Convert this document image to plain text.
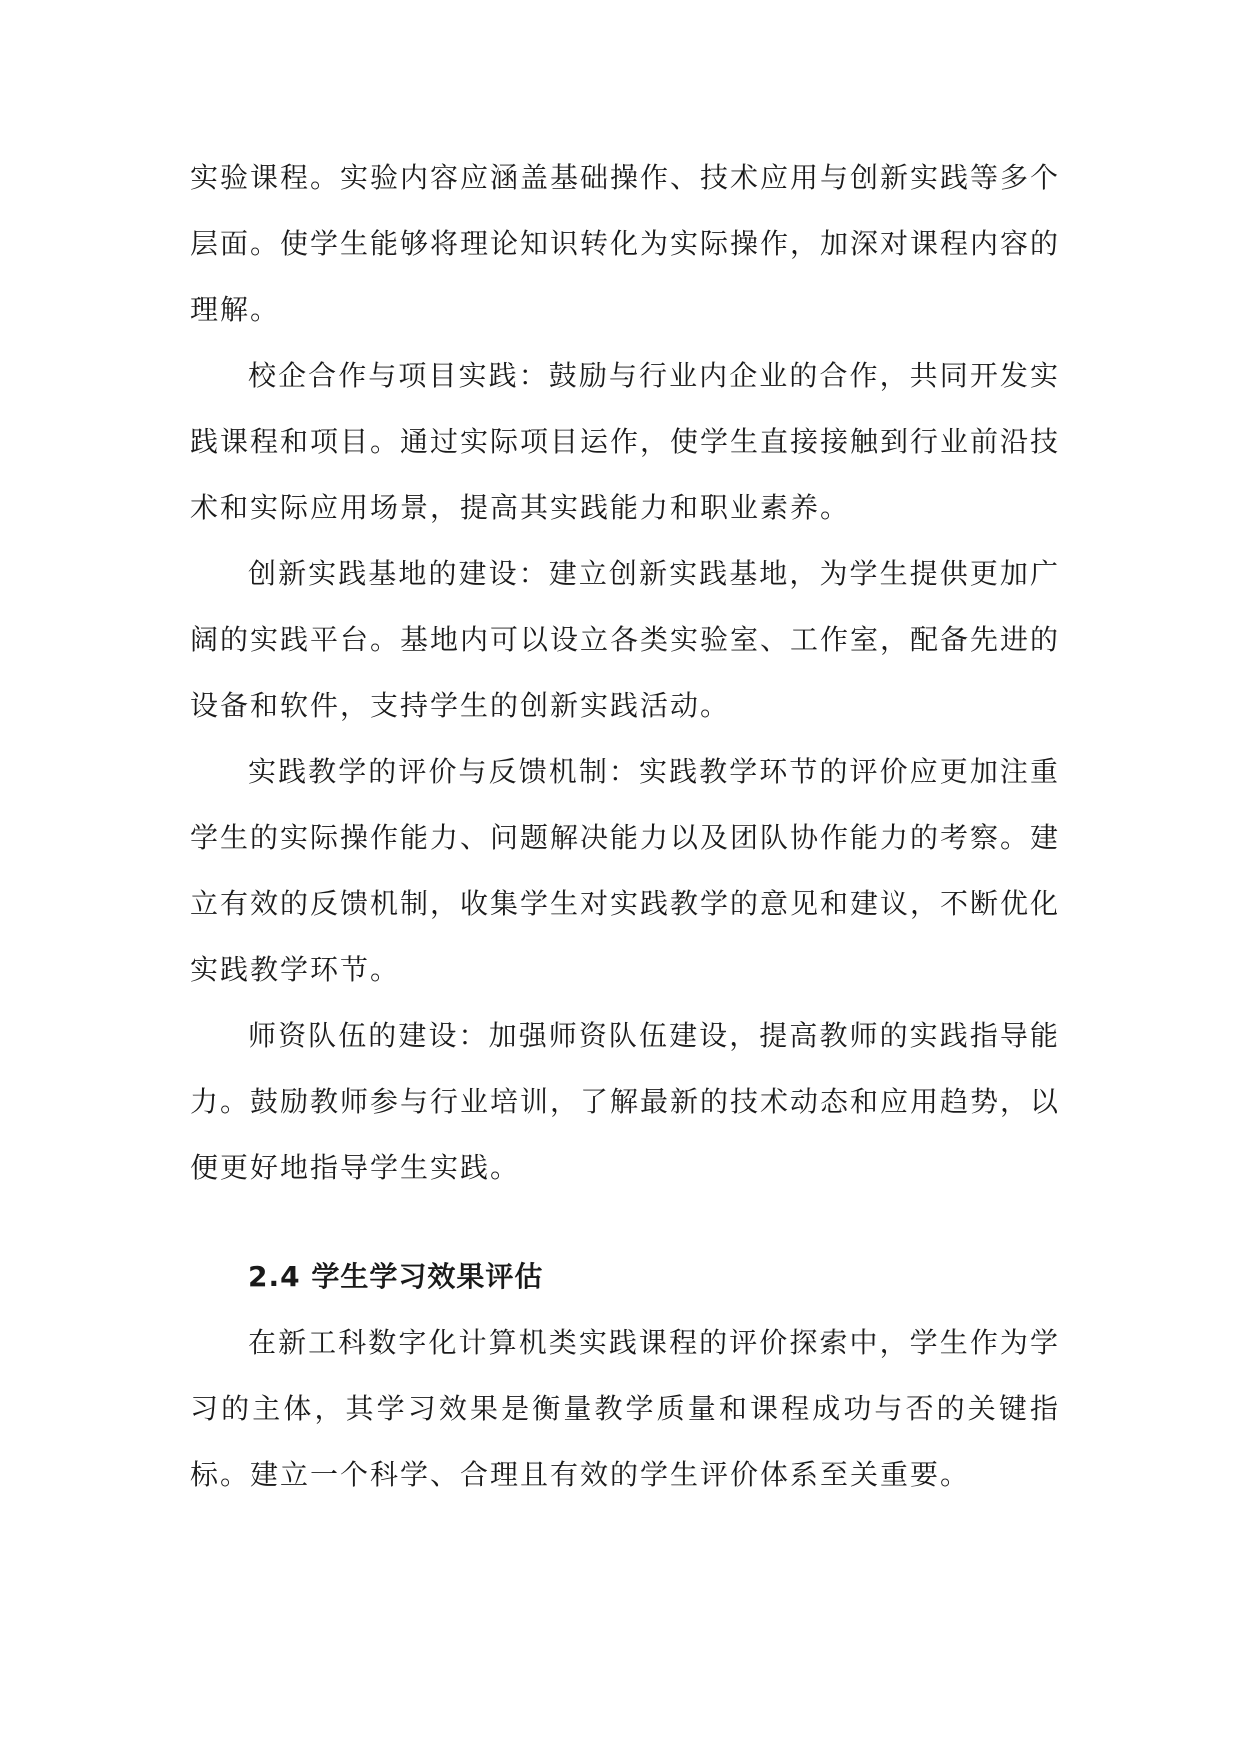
实验课程。实验内容应涵盖基础操作、技术应用与创新实践等多个层面。使学生能够将理论知识转化为实际操作，加深对课程内容的理解。

校企合作与项目实践：鼓励与行业内企业的合作，共同开发实践课程和项目。通过实际项目运作，使学生直接接触到行业前沿技术和实际应用场景，提高其实践能力和职业素养。

创新实践基地的建设：建立创新实践基地，为学生提供更加广阔的实践平台。基地内可以设立各类实验室、工作室，配备先进的设备和软件，支持学生的创新实践活动。

实践教学的评价与反馈机制：实践教学环节的评价应更加注重学生的实际操作能力、问题解决能力以及团队协作能力的考察。建立有效的反馈机制，收集学生对实践教学的意见和建议，不断优化实践教学环节。

师资队伍的建设：加强师资队伍建设，提高教师的实践指导能力。鼓励教师参与行业培训，了解最新的技术动态和应用趋势，以便更好地指导学生实践。

2.4 学生学习效果评估

在新工科数字化计算机类实践课程的评价探索中，学生作为学习的主体，其学习效果是衡量教学质量和课程成功与否的关键指标。建立一个科学、合理且有效的学生评价体系至关重要。
